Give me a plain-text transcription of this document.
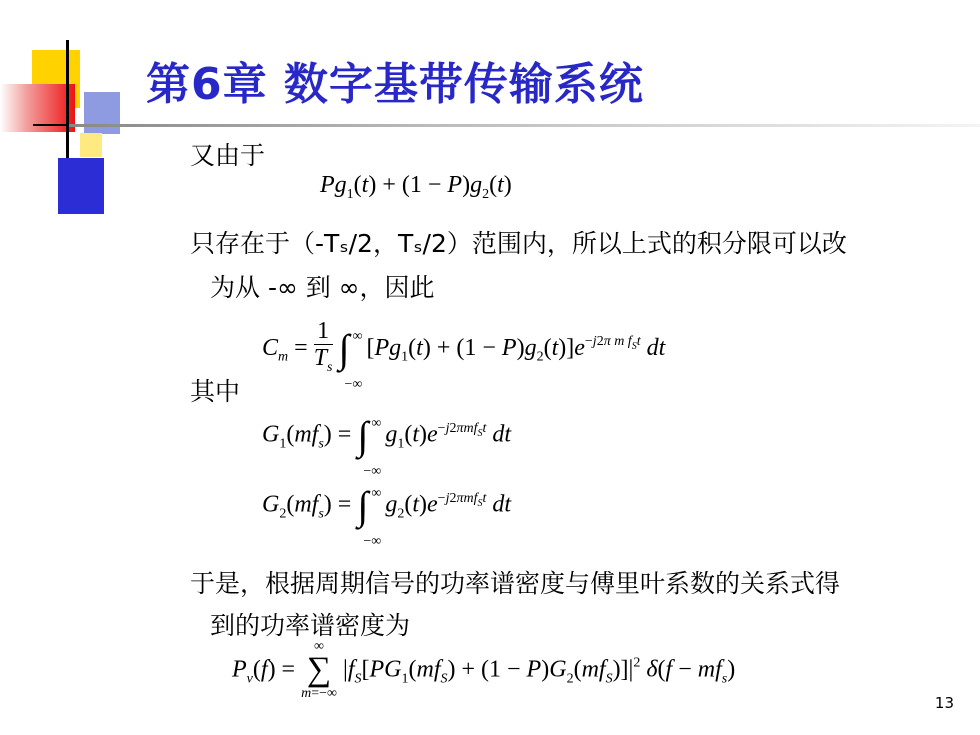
第6章 数字基带传输系统
又由于
$Pg_1(t) + (1 - P)g_2(t)$
只存在于（-Tₛ/2，Tₛ/2）范围内，所以上式的积分限可以改
为从 -∞ 到 ∞，因此
$C_m = \frac{1}{T_s}$ ∫ ∞
−∞
$[Pg_1(t) + (1 - P)g_2(t)]e^{-j2\pi m f_St}$ dt
其中
$G_1(mf_s)$ = ∫ ∞
−∞
$g_1(t)e^{-j2\pi mf_St}$ dt
$G_2(mf_s)$ = ∫ ∞
−∞
$g_2(t)e^{-j2\pi mf_St}$ dt
于是，根据周期信号的功率谱密度与傅里叶系数的关系式得
到的功率谱密度为
$P_v(f)$ =
∞
∑
m=−∞
$|f_S[PG_1(mf_S) + (1 - P)G_2(mf_S)]|^2$ $\delta(f - mf_s)$
13
